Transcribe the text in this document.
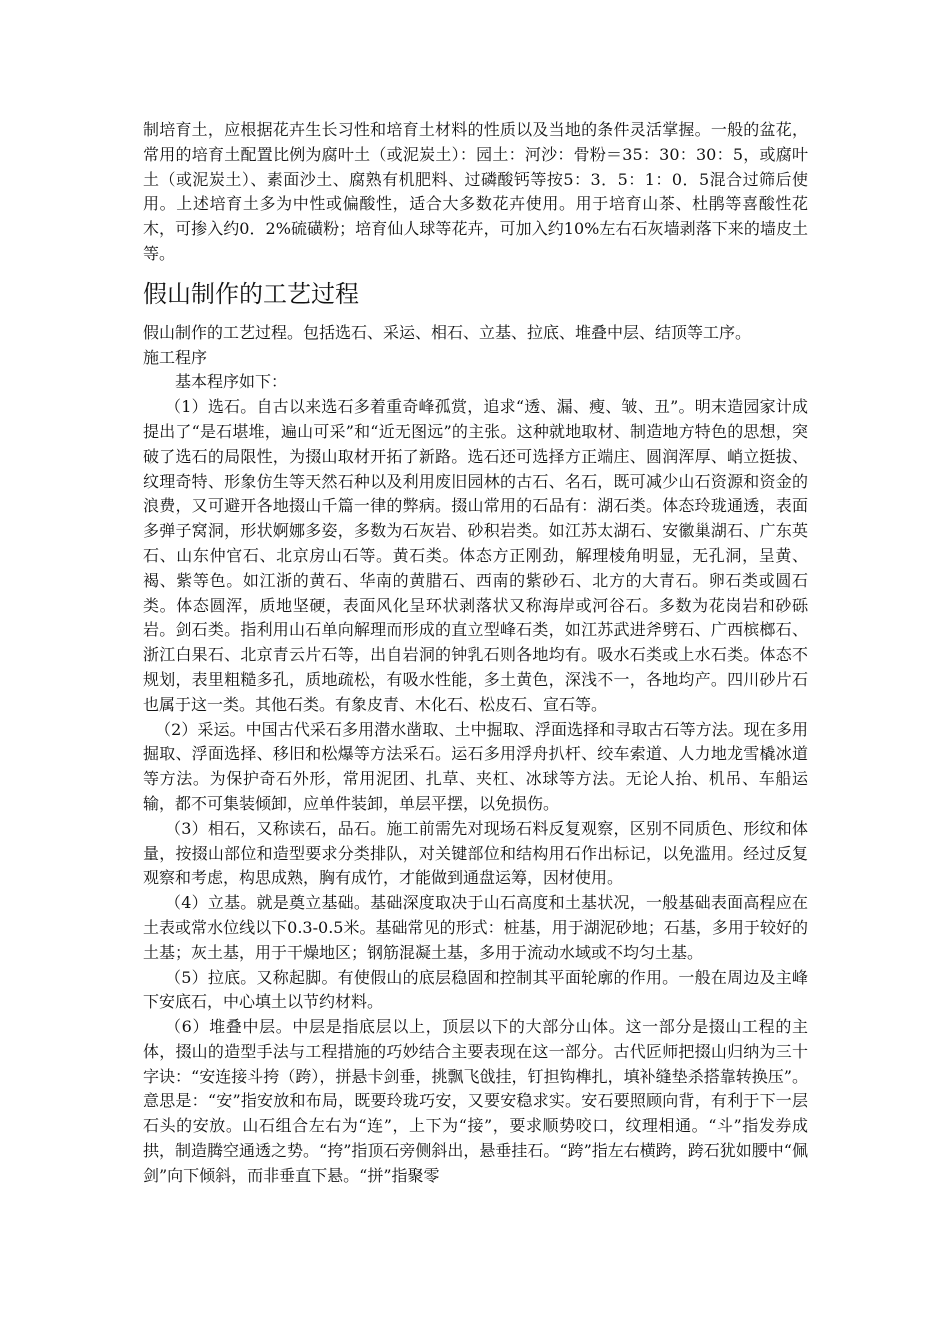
制培育土，应根据花卉生长习性和培育土材料的性质以及当地的条件灵活掌握。一般的盆花，常用的培育土配置比例为腐叶土（或泥炭土）：园土：河沙：骨粉＝35：30：30：5，或腐叶土（或泥炭土）、素面沙土、腐熟有机肥料、过磷酸钙等按5：3．5：1：0．5混合过筛后使用。上述培育土多为中性或偏酸性，适合大多数花卉使用。用于培育山茶、杜鹃等喜酸性花木，可掺入约0．2%硫磺粉；培育仙人球等花卉，可加入约10%左右石灰墙剥落下来的墙皮土等。

假山制作的工艺过程

假山制作的工艺过程。包括选石、采运、相石、立基、拉底、堆叠中层、结顶等工序。

施工程序

基本程序如下：

（1）选石。自古以来选石多着重奇峰孤赏，追求“透、漏、瘦、皱、丑”。明末造园家计成提出了“是石堪堆，遍山可采”和“近无图远”的主张。这种就地取材、制造地方特色的思想，突破了选石的局限性，为掇山取材开拓了新路。选石还可选择方正端庄、圆润浑厚、峭立挺拔、纹理奇特、形象仿生等天然石种以及利用废旧园林的古石、名石，既可减少山石资源和资金的浪费，又可避开各地掇山千篇一律的弊病。掇山常用的石品有：湖石类。体态玲珑通透，表面多弹子窝洞，形状婀娜多姿，多数为石灰岩、砂积岩类。如江苏太湖石、安徽巢湖石、广东英石、山东仲官石、北京房山石等。黄石类。体态方正刚劲，解理棱角明显，无孔洞，呈黄、褐、紫等色。如江浙的黄石、华南的黄腊石、西南的紫砂石、北方的大青石。卵石类或圆石类。体态圆浑，质地坚硬，表面风化呈环状剥落状又称海岸或河谷石。多数为花岗岩和砂砾岩。剑石类。指利用山石单向解理而形成的直立型峰石类，如江苏武进斧劈石、广西槟榔石、浙江白果石、北京青云片石等，出自岩洞的钟乳石则各地均有。吸水石类或上水石类。体态不规划，表里粗糙多孔，质地疏松，有吸水性能，多土黄色，深浅不一，各地均产。四川砂片石也属于这一类。其他石类。有象皮青、木化石、松皮石、宣石等。

（2）采运。中国古代采石多用潜水凿取、土中掘取、浮面选择和寻取古石等方法。现在多用掘取、浮面选择、移旧和松爆等方法采石。运石多用浮舟扒杆、绞车索道、人力地龙雪橇冰道等方法。为保护奇石外形，常用泥团、扎草、夹杠、冰球等方法。无论人抬、机吊、车船运输，都不可集装倾卸，应单件装卸，单层平摆，以免损伤。

（3）相石，又称读石，品石。施工前需先对现场石料反复观察，区别不同质色、形纹和体量，按掇山部位和造型要求分类排队，对关键部位和结构用石作出标记，以免滥用。经过反复观察和考虑，构思成熟，胸有成竹，才能做到通盘运筹，因材使用。

（4）立基。就是奠立基础。基础深度取决于山石高度和土基状况，一般基础表面高程应在土表或常水位线以下0.3-0.5米。基础常见的形式：桩基，用于湖泥砂地；石基，多用于较好的土基；灰土基，用于干燥地区；钢筋混凝土基，多用于流动水域或不均匀土基。

（5）拉底。又称起脚。有使假山的底层稳固和控制其平面轮廓的作用。一般在周边及主峰下安底石，中心填土以节约材料。

（6）堆叠中层。中层是指底层以上，顶层以下的大部分山体。这一部分是掇山工程的主体，掇山的造型手法与工程措施的巧妙结合主要表现在这一部分。古代匠师把掇山归纳为三十字诀：“安连接斗挎（跨），拼悬卡剑垂，挑飘飞戗挂，钉担钩榫扎，填补缝垫杀搭靠转换压”。意思是：“安”指安放和布局，既要玲珑巧安，又要安稳求实。安石要照顾向背，有利于下一层石头的安放。山石组合左右为“连”，上下为“接”，要求顺势咬口，纹理相通。“斗”指发券成拱，制造腾空通透之势。“挎”指顶石旁侧斜出，悬垂挂石。“跨”指左右横跨，跨石犹如腰中“佩剑”向下倾斜，而非垂直下悬。“拼”指聚零
